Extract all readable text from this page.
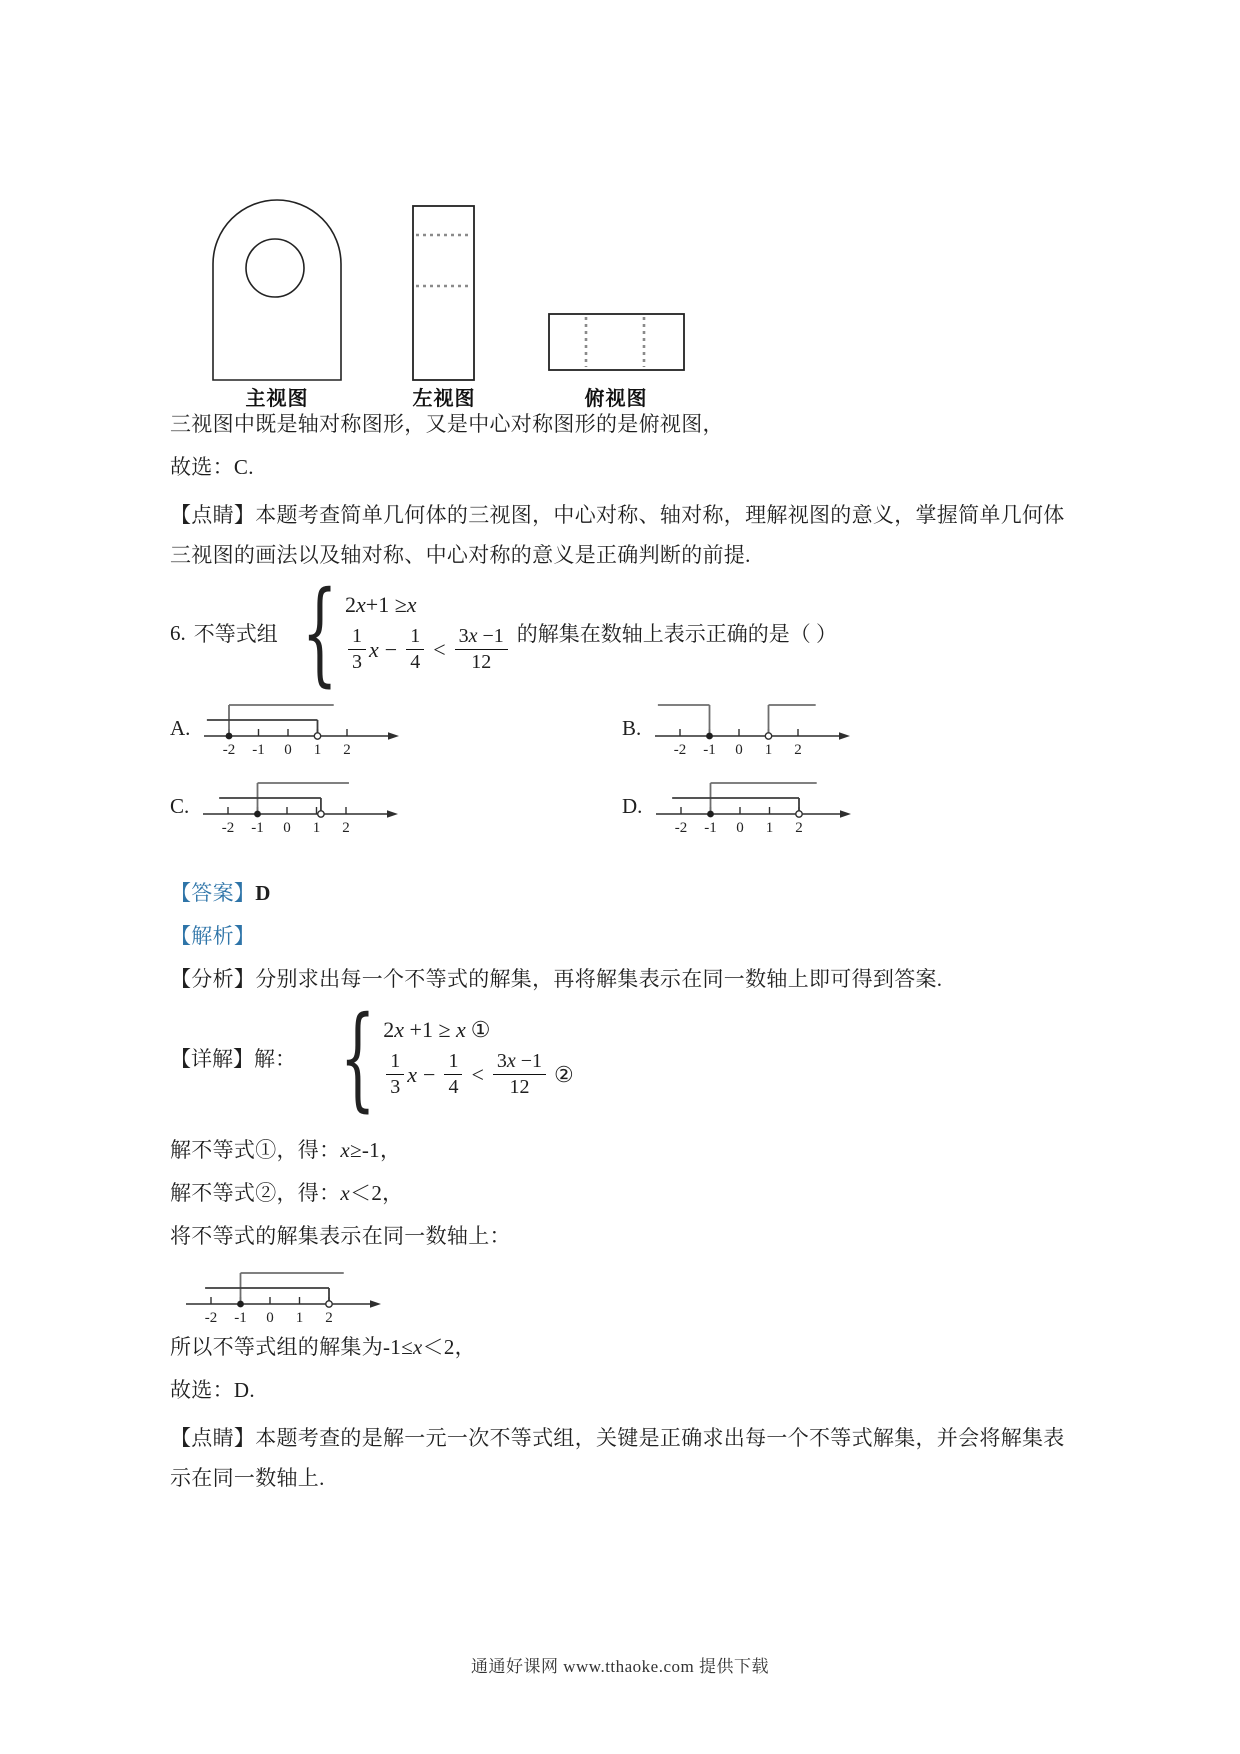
主视图	左视图	俯视图

三视图中既是轴对称图形，又是中心对称图形的是俯视图，

故选：C.

【点睛】本题考查简单几何体的三视图，中心对称、轴对称，理解视图的意义，掌握简单几何体三视图的画法以及轴对称、中心对称的意义是正确判断的前提.

6. 不等式组 { 2 x +1 ≥ x
$\frac{1}{3}$ $x - \frac{1}{4} < \frac{3x -1}{12}$ 的解集在数轴上表示正确的是（ ）
A.
-2 -1 0 1 2
B.
-2 -1 0 1 2
C.
-2 -1 0 1 2
D.
-2 -1 0 1 2

【答案】D

【解析】

【分析】分别求出每一个不等式的解集，再将解集表示在同一数轴上即可得到答案.

【详解】解： { 2x +1 ≥ x ①
$\frac{1}{3}$ $x - \frac{1}{4} < \frac{3x -1}{12}$ ②

解不等式①，得：x≥-1，

解不等式②，得：x＜2，

将不等式的解集表示在同一数轴上：

-2 -1 0 1 2

所以不等式组的解集为-1≤x＜2，

故选：D.

【点睛】本题考查的是解一元一次不等式组，关键是正确求出每一个不等式解集，并会将解集表示在同一数轴上.

通通好课网 www.tthaoke.com 提供下载
